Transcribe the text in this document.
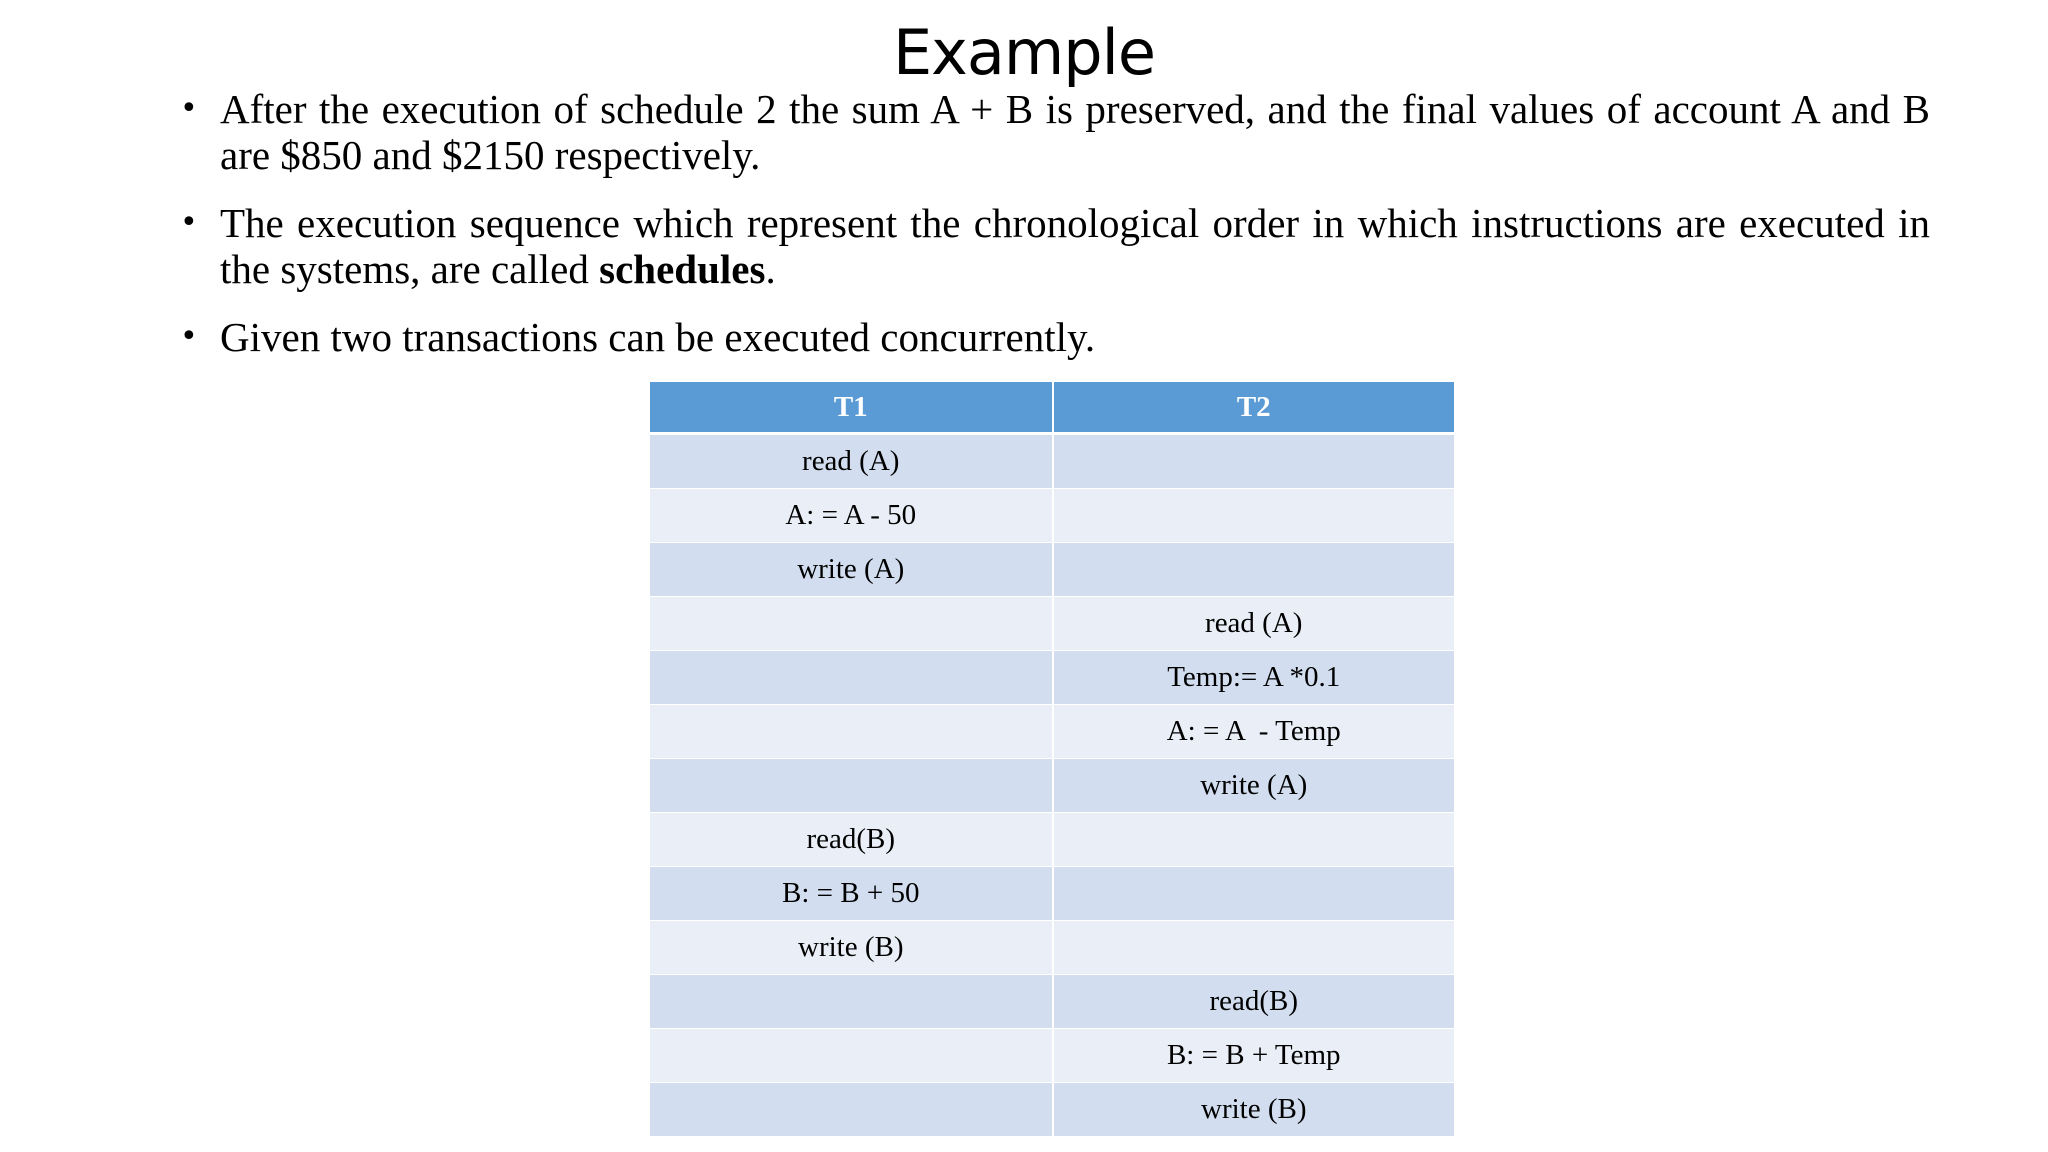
Example
• After the execution of schedule 2 the sum A + B is preserved, and the final values of account A and B are $850 and $2150 respectively.
• The execution sequence which represent the chronological order in which instructions are executed in the systems, are called schedules.
• Given two transactions can be executed concurrently.
T1	T2
read (A)	
A: = A - 50	
write (A)	
	read (A)
	Temp:= A *0.1
	A: = A  - Temp
	write (A)
read(B)	
B: = B + 50	
write (B)	
	read(B)
	B: = B + Temp
	write (B)
